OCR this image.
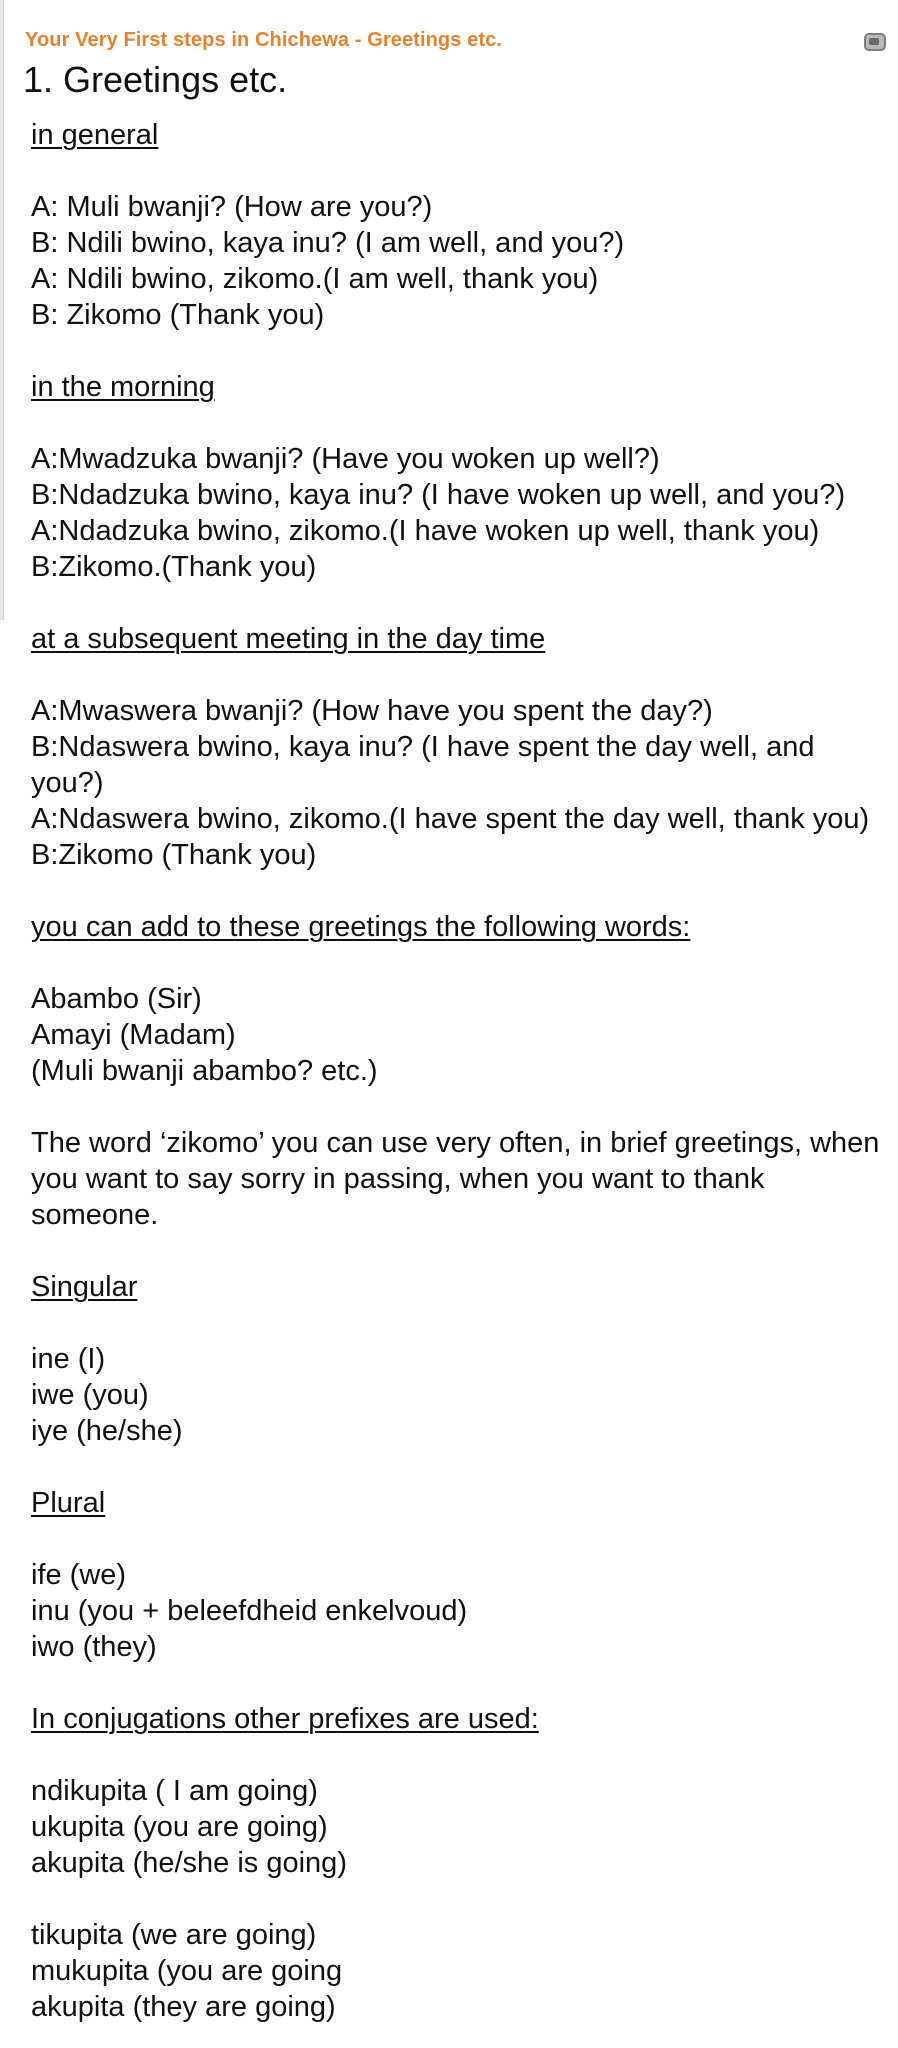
Your Very First steps in Chichewa - Greetings etc.
1. Greetings etc.

in general

A: Muli bwanji? (How are you?)

B: Ndili bwino, kaya inu? (I am well, and you?)

A: Ndili bwino, zikomo.(I am well, thank you)

B: Zikomo (Thank you)

in the morning

A:Mwadzuka bwanji? (Have you woken up well?)

B:Ndadzuka bwino, kaya inu? (I have woken up well, and you?)

A:Ndadzuka bwino, zikomo.(I have woken up well, thank you)

B:Zikomo.(Thank you)

at a subsequent meeting in the day time

A:Mwaswera bwanji? (How have you spent the day?)

B:Ndaswera bwino, kaya inu? (I have spent the day well, and you?)

A:Ndaswera bwino, zikomo.(I have spent the day well, thank you)

B:Zikomo (Thank you)

you can add to these greetings the following words:

Abambo (Sir)

Amayi (Madam)

(Muli bwanji abambo? etc.)

The word ‘zikomo’ you can use very often, in brief greetings, when you want to say sorry in passing, when you want to thank someone.

Singular

ine (I)

iwe (you)

iye (he/she)

Plural

ife (we)

inu (you + beleefdheid enkelvoud)

iwo (they)

In conjugations other prefixes are used:

ndikupita ( I am going)

ukupita (you are going)

akupita (he/she is going)

tikupita (we are going)

mukupita (you are going

akupita (they are going)
